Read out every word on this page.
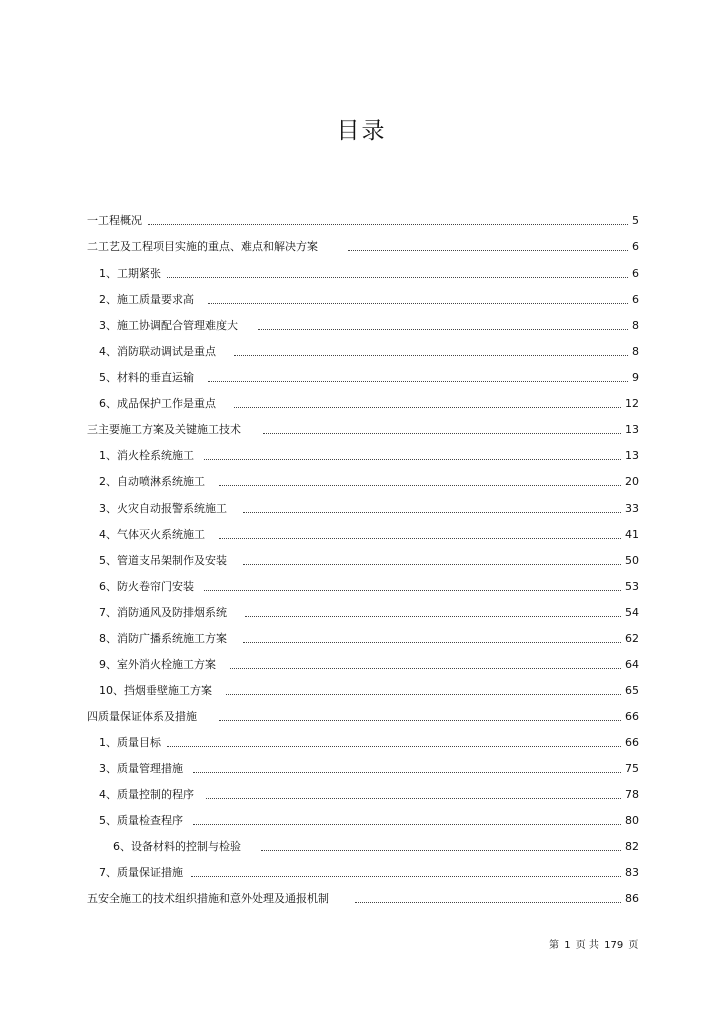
目录
一工程概况	5
二工艺及工程项目实施的重点、难点和解决方案	6
1、工期紧张	6
2、施工质量要求高	6
3、施工协调配合管理难度大	8
4、消防联动调试是重点	8
5、材料的垂直运输	9
6、成品保护工作是重点	12
三主要施工方案及关键施工技术	13
1、消火栓系统施工	13
2、自动喷淋系统施工	20
3、火灾自动报警系统施工	33
4、气体灭火系统施工	41
5、管道支吊架制作及安装	50
6、防火卷帘门安装	53
7、消防通风及防排烟系统	54
8、消防广播系统施工方案	62
9、室外消火栓施工方案	64
10、挡烟垂壁施工方案	65
四质量保证体系及措施	66
1、质量目标	66
3、质量管理措施	75
4、质量控制的程序	78
5、质量检查程序	80
6、设备材料的控制与检验	82
7、质量保证措施	83
五安全施工的技术组织措施和意外处理及通报机制	86
第 1 页 共 179 页
